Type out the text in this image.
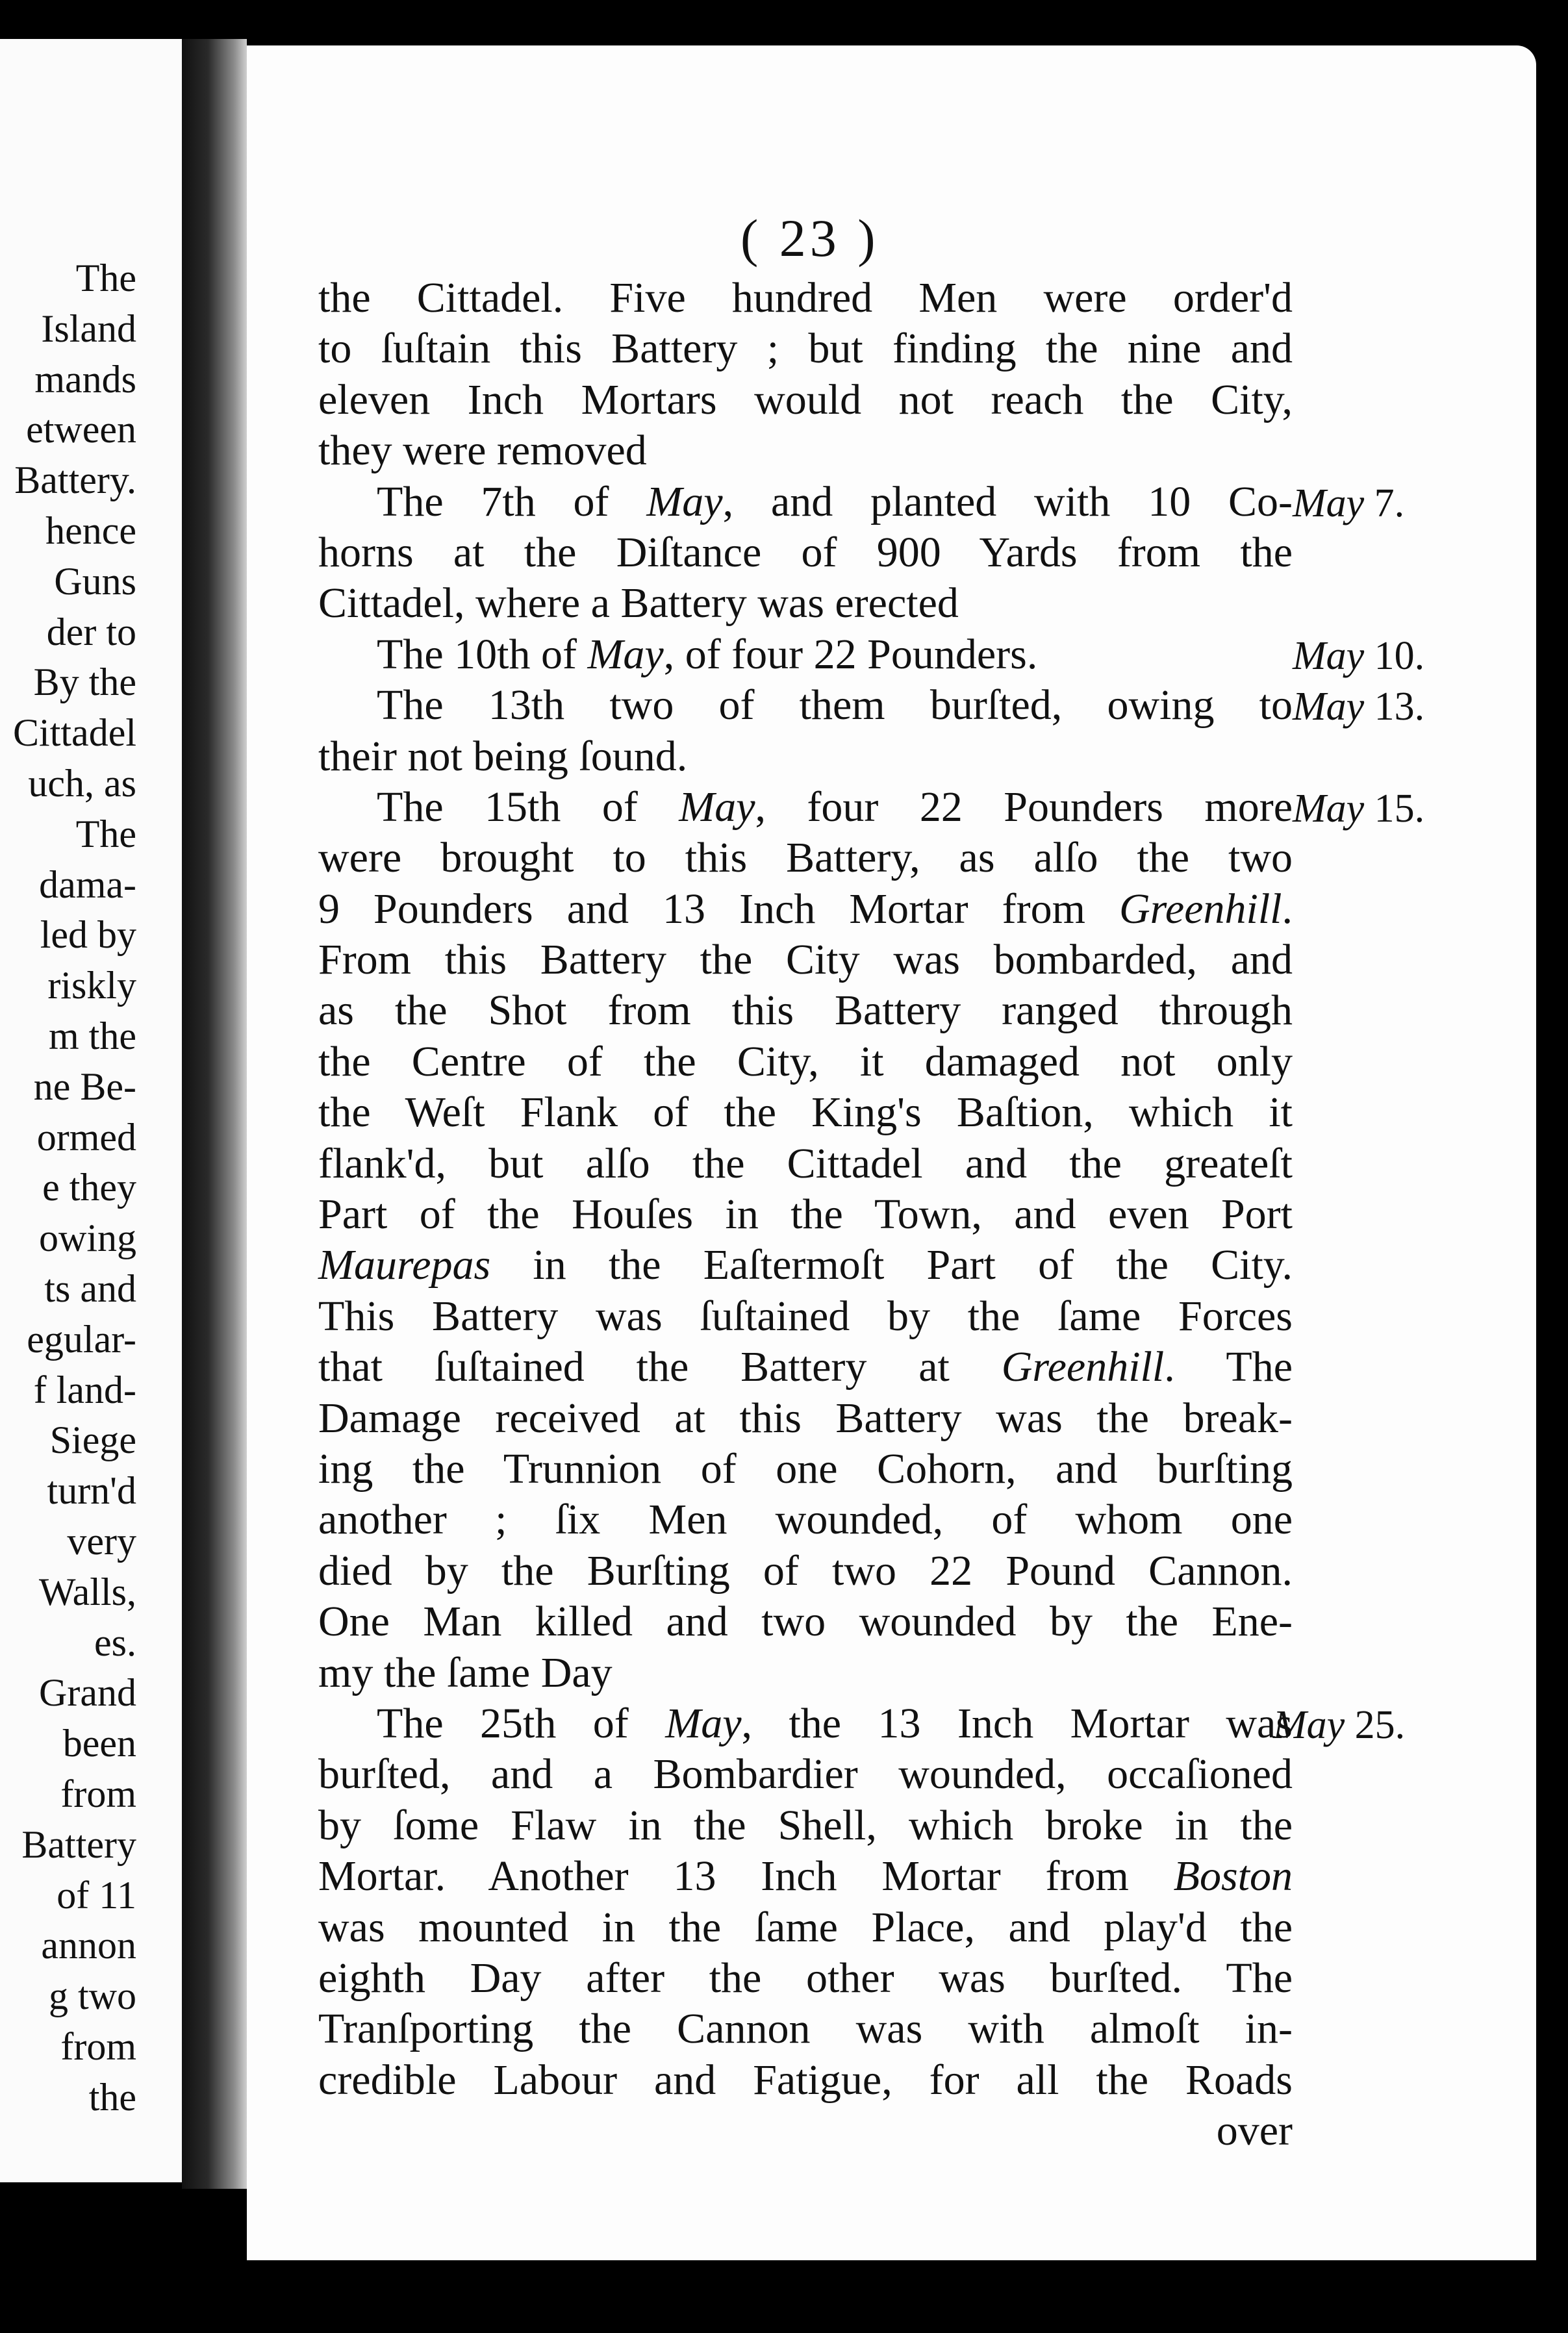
The
Island
mands
etween
Battery.
hence
Guns
der to
By the
Cittadel
uch, as
The
dama-
led by
riskly
m the
ne Be-
ormed
e they
owing
ts and
egular-
f land-
Siege
turn'd
very
Walls,
es.
Grand
been
from
Battery
of 11
annon
g two
from
the
( 23 )
the Cittadel. Five hundred Men were order'd
to ſuſtain this Battery ; but finding the nine and
eleven Inch Mortars would not reach the City,
they were removed
The 7th of May, and planted with 10 Co-
horns at the Diſtance of 900 Yards from the
Cittadel, where a Battery was erected
The 10th of May, of four 22 Pounders.
The 13th two of them burſted, owing to
their not being ſound.
The 15th of May, four 22 Pounders more
were brought to this Battery, as alſo the two
9 Pounders and 13 Inch Mortar from Greenhill.
From this Battery the City was bombarded, and
as the Shot from this Battery ranged through
the Centre of the City, it damaged not only
the Weſt Flank of the King's Baſtion, which it
flank'd, but alſo the Cittadel and the greateſt
Part of the Houſes in the Town, and even Port
Maurepas in the Eaſtermoſt Part of the City.
This Battery was ſuſtained by the ſame Forces
that ſuſtained the Battery at Greenhill. The
Damage received at this Battery was the break-
ing the Trunnion of one Cohorn, and burſting
another ; ſix Men wounded, of whom one
died by the Burſting of two 22 Pound Cannon.
One Man killed and two wounded by the Ene-
my the ſame Day
The 25th of May, the 13 Inch Mortar was
burſted, and a Bombardier wounded, occaſioned
by ſome Flaw in the Shell, which broke in the
Mortar. Another 13 Inch Mortar from Boston
was mounted in the ſame Place, and play'd the
eighth Day after the other was burſted. The
Tranſporting the Cannon was with almoſt in-
credible Labour and Fatigue, for all the Roads
over
May 7.
May 10.
May 13.
May 15.
May 25.
